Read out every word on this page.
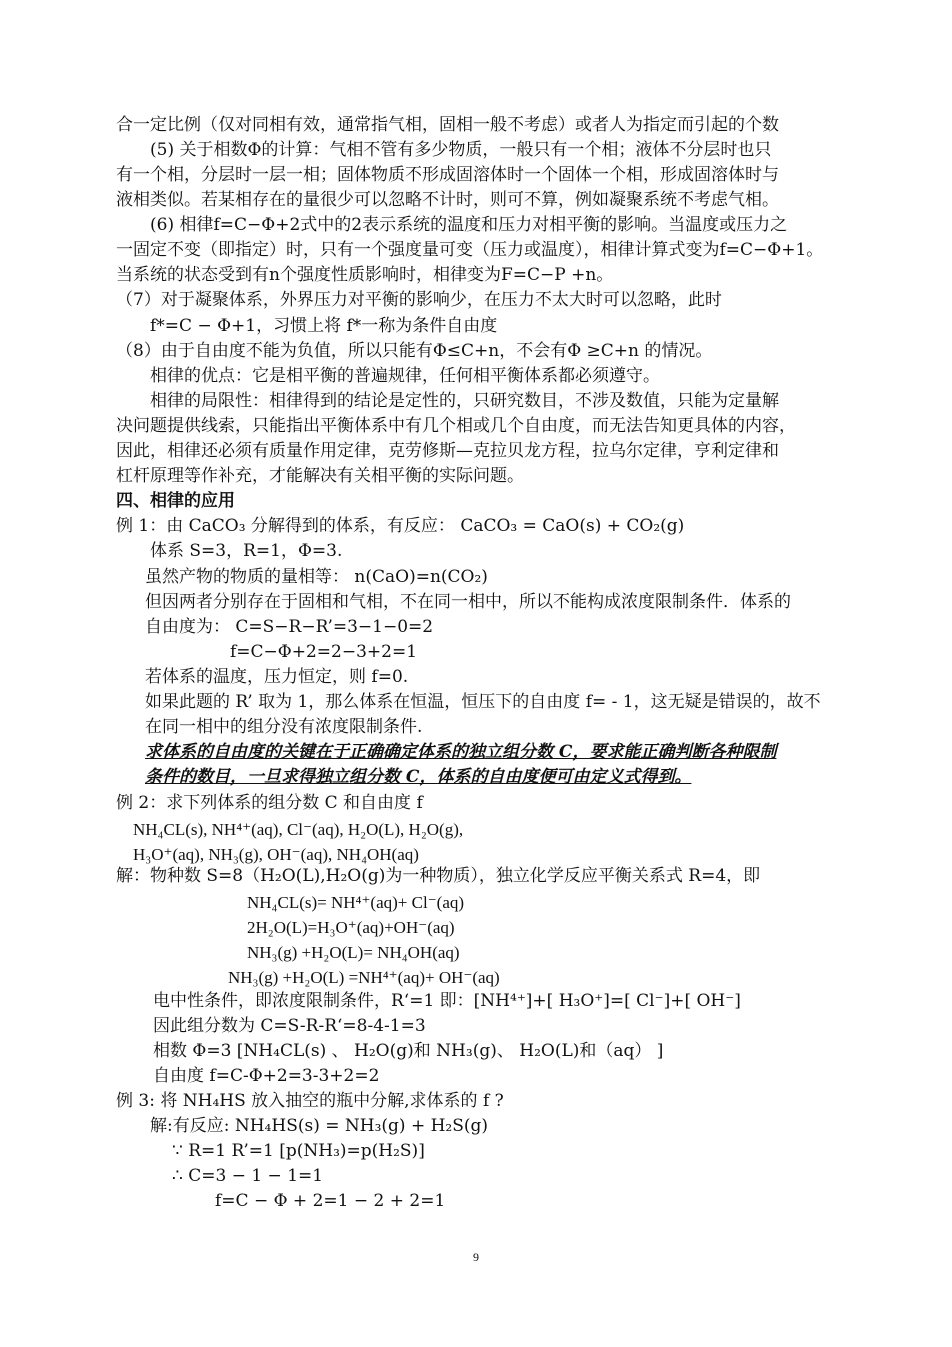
合一定比例（仅对同相有效，通常指气相，固相一般不考虑）或者人为指定而引起的个数
(5) 关于相数Φ的计算：气相不管有多少物质，一般只有一个相；液体不分层时也只
有一个相，分层时一层一相；固体物质不形成固溶体时一个固体一个相，形成固溶体时与
液相类似。若某相存在的量很少可以忽略不计时，则可不算，例如凝聚系统不考虑气相。
(6) 相律f=C−Φ+2式中的2表示系统的温度和压力对相平衡的影响。当温度或压力之
一固定不变（即指定）时，只有一个强度量可变（压力或温度），相律计算式变为f=C−Φ+1。
当系统的状态受到有n个强度性质影响时，相律变为F=C−P +n。
（7）对于凝聚体系，外界压力对平衡的影响少，在压力不太大时可以忽略，此时
f*=C − Φ+1，习惯上将 f*一称为条件自由度
（8）由于自由度不能为负值，所以只能有Φ≤C+n，不会有Φ ≥C+n 的情况。
相律的优点：它是相平衡的普遍规律，任何相平衡体系都必须遵守。
相律的局限性：相律得到的结论是定性的，只研究数目，不涉及数值，只能为定量解
决问题提供线索，只能指出平衡体系中有几个相或几个自由度，而无法告知更具体的内容，
因此，相律还必须有质量作用定律，克劳修斯—克拉贝龙方程，拉乌尔定律，亨利定律和
杠杆原理等作补充，才能解决有关相平衡的实际问题。
四、相律的应用
例 1：由 CaCO₃ 分解得到的体系，有反应： CaCO₃ = CaO(s) + CO₂(g)
体系 S=3，R=1，Φ=3.
虽然产物的物质的量相等： n(CaO)=n(CO₂)
但因两者分别存在于固相和气相，不在同一相中，所以不能构成浓度限制条件．体系的
自由度为： C=S−R−R’=3−1−0=2
f=C−Φ+2=2−3+2=1
若体系的温度，压力恒定，则 f=0.
如果此题的 R’ 取为 1，那么体系在恒温，恒压下的自由度 f= - 1，这无疑是错误的，故不
在同一相中的组分没有浓度限制条件.
求体系的自由度的关键在于正确确定体系的独立组分数 C，要求能正确判断各种限制
条件的数目，一旦求得独立组分数 C，体系的自由度便可由定义式得到。
例 2：求下列体系的组分数 C 和自由度 f
NH₄CL(s), NH⁴⁺(aq), Cl⁻(aq), H₂O(L), H₂O(g),
H₃O⁺(aq), NH₃(g), OH⁻(aq), NH₄OH(aq)
解：物种数 S=8（H₂O(L),H₂O(g)为一种物质），独立化学反应平衡关系式 R=4，即
NH₄CL(s)= NH⁴⁺(aq)+ Cl⁻(aq)
2H₂O(L)=H₃O⁺(aq)+OH⁻(aq)
NH₃(g) +H₂O(L)= NH₄OH(aq)
NH₃(g) +H₂O(L) =NH⁴⁺(aq)+ OH⁻(aq)
电中性条件，即浓度限制条件，R‘=1 即：[NH⁴⁺]+[ H₃O⁺]=[ Cl⁻]+[ OH⁻]
因此组分数为 C=S-R-R‘=8-4-1=3
相数 Φ=3 [NH₄CL(s) 、 H₂O(g)和 NH₃(g)、 H₂O(L)和（aq） ]
自由度 f=C-Φ+2=3-3+2=2
例 3: 将 NH₄HS 放入抽空的瓶中分解,求体系的 f ?
解:有反应: NH₄HS(s) = NH₃(g) + H₂S(g)
∵ R=1 R’=1 [p(NH₃)=p(H₂S)]
∴ C=3 − 1 − 1=1
f=C − Φ + 2=1 − 2 + 2=1
9
